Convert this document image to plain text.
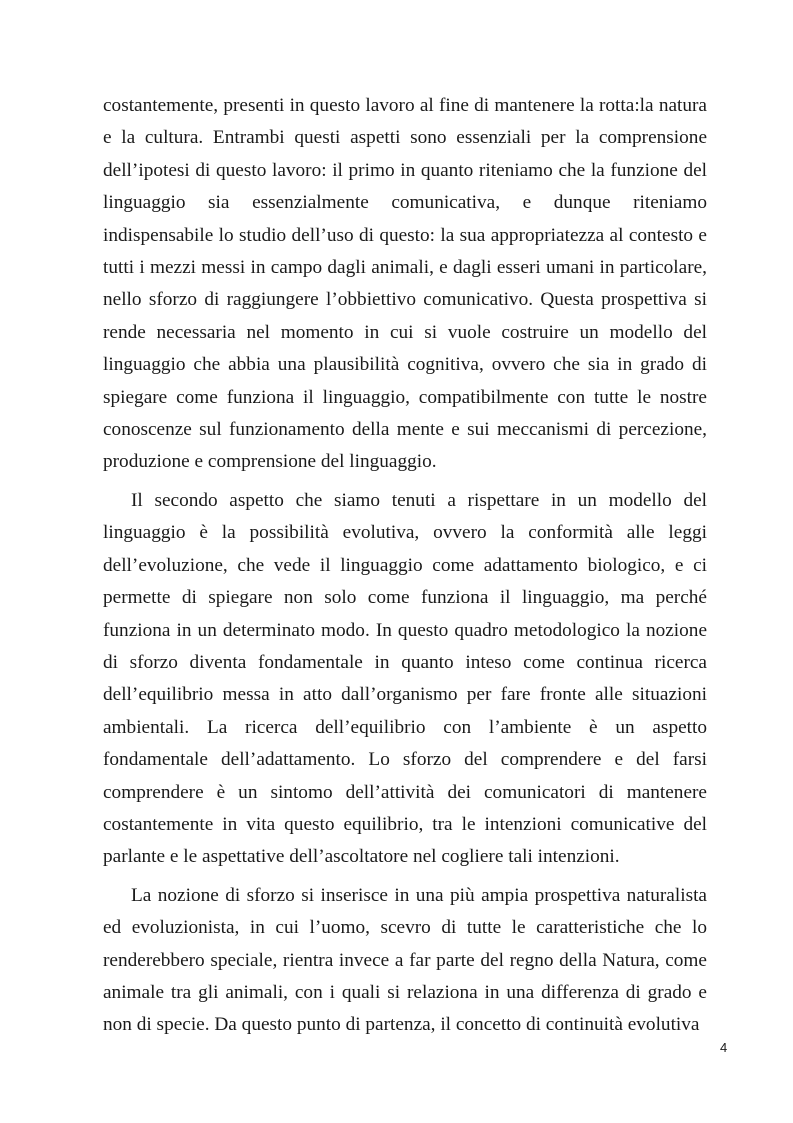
costantemente, presenti in questo lavoro al fine di mantenere la rotta:la natura e la cultura. Entrambi questi aspetti sono essenziali per la comprensione dell’ipotesi di questo lavoro: il primo in quanto riteniamo che la funzione del linguaggio sia essenzialmente comunicativa, e dunque riteniamo indispensabile lo studio dell’uso di questo: la sua appropriatezza al contesto e tutti i mezzi messi in campo dagli animali, e dagli esseri umani in particolare, nello sforzo di raggiungere l’obbiettivo comunicativo. Questa prospettiva si rende necessaria nel momento in cui si vuole costruire un modello del linguaggio che abbia una plausibilità cognitiva, ovvero che sia in grado di spiegare come funziona il linguaggio, compatibilmente con tutte le nostre conoscenze sul funzionamento della mente e sui meccanismi di percezione, produzione e comprensione del linguaggio.

Il secondo aspetto che siamo tenuti a rispettare in un modello del linguaggio è la possibilità evolutiva, ovvero la conformità alle leggi dell’evoluzione, che vede il linguaggio come adattamento biologico, e ci permette di spiegare non solo come funziona il linguaggio, ma perché funziona in un determinato modo. In questo quadro metodologico la nozione di sforzo diventa fondamentale in quanto inteso come continua ricerca dell’equilibrio messa in atto dall’organismo per fare fronte alle situazioni ambientali. La ricerca dell’equilibrio con l’ambiente è un aspetto fondamentale dell’adattamento. Lo sforzo del comprendere e del farsi comprendere è un sintomo dell’attività dei comunicatori di mantenere costantemente in vita questo equilibrio, tra le intenzioni comunicative del parlante e le aspettative dell’ascoltatore nel cogliere tali intenzioni.

La nozione di sforzo si inserisce in una più ampia prospettiva naturalista ed evoluzionista, in cui l’uomo, scevro di tutte le caratteristiche che lo renderebbero speciale, rientra invece a far parte del regno della Natura, come animale tra gli animali, con i quali si relaziona in una differenza di grado e non di specie. Da questo punto di partenza, il concetto di continuità evolutiva

4
